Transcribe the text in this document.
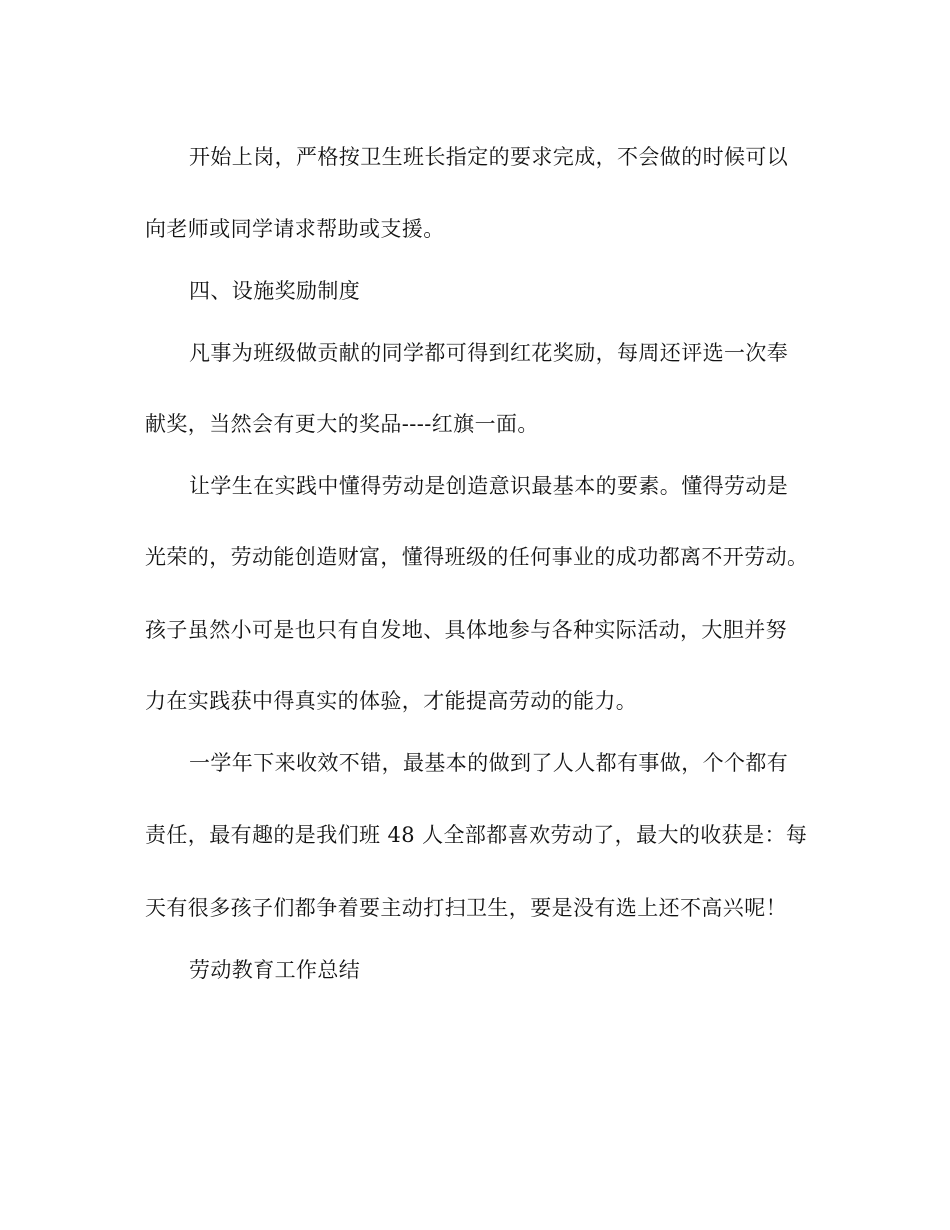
开始上岗，严格按卫生班长指定的要求完成，不会做的时候可以
向老师或同学请求帮助或支援。
四、设施奖励制度
凡事为班级做贡献的同学都可得到红花奖励，每周还评选一次奉
献奖，当然会有更大的奖品----红旗一面。
让学生在实践中懂得劳动是创造意识最基本的要素。懂得劳动是
光荣的，劳动能创造财富，懂得班级的任何事业的成功都离不开劳动。
孩子虽然小可是也只有自发地、具体地参与各种实际活动，大胆并努
力在实践获中得真实的体验，才能提高劳动的能力。
一学年下来收效不错，最基本的做到了人人都有事做，个个都有
责任，最有趣的是我们班 48 人全部都喜欢劳动了，最大的收获是：每
天有很多孩子们都争着要主动打扫卫生，要是没有选上还不高兴呢！
劳动教育工作总结
